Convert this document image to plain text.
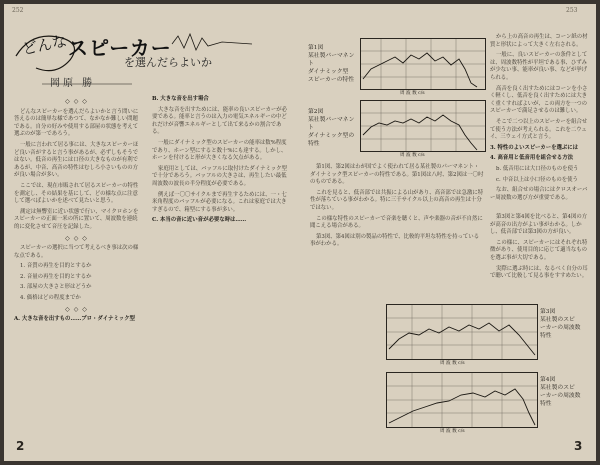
252
どんな スピーカー
を選んだらよいか
岡原 勝
◇◇◇

どんなスピーカーを選んだらよいかと言う問いに答えるのは簡単な様であつて、なかなか難しい問題である。自分の好みや使用する部屋の状態を考えて選ぶのが第一であろう。

一般に言われて居る事には、大きなスピーカーほど良い音がすると言う事があるが、必ずしもそうではない。低音の再生には口径の大きなものが有利であるが、中音、高音の特性はむしろ小さいものの方が良い場合が多い。

ここでは、現在市販されて居るスピーカーの特性を測定し、その結果を基にして、どの様な点に注意して選べばよいかを述べて見たいと思う。

測定は無響室に近い状態で行い、マイクロホンをスピーカーの正面一米の所に置いて、周波数を連続的に変化させて音圧を記録した。

◇◇◇

スピーカーの選択に当つて考えるべき事は次の様な点である。

1. 音質の再生を目的とするか

2. 音量の再生を目的とするか

3. 部屋の大きさと形はどうか

4. 価格はどの程度までか

◇◇◇

A. 大きな音を出すもの……プロ・ダイナミック型

B. 大きな音を出す場合

大きな音を出すためには、能率の良いスピーカーが必要である。能率と言うのは入力の電気エネルギーの中どれだけが音響エネルギーとして出て来るかの割合である。

一般にダイナミック型のスピーカーの能率は数%程度であり、ホーン型にすると数十%にも達する。しかし、ホーンを付けると形が大きくなる欠点がある。

家庭用としては、バッフルに取付けたダイナミック型で十分であろう。バッフルの大きさは、再生したい最低周波数の波長の半分程度が必要である。

例えば一〇〇サイクルまで再生するためには、一・七米角程度のバッフルが必要になる。これは家庭では大きすぎるので、箱型にする事が多い。

C. 本当の音に近い音が必要な時は……

2
253
第1図
某社製パーマネント
ダイナミック型
スピーカーの特性
周 波 数 c/s
第2図
某社製パーマネント
ダイナミック型の
特性
周 波 数 c/s

から上の高音の再生は、コーン紙の材質と形状によって大きく左右される。

一般に、良いスピーカーの条件としては、周波数特性が平坦である事、ひずみが少ない事、能率が良い事、などが挙げられる。

高音を良く出すためにはコーンを小さく軽くし、低音を良く出すためには大きく重くすればよいが、この両方を一つのスピーカーで満足させるのは難しい。

そこで二つ以上のスピーカーを組合せて使う方法が考えられる。これを二ウェイ、三ウェイ方式と言う。

3. 特性のよいスピーカーを選ぶには

4. 高音用と低音用を組合せる方法

b. 低音用には大口径のものを使う

c. 中音以上は小口径のものを使う

なお、組合せの場合にはクロスオーバー周波数の選び方が重要である。

第1図、第2図はわが国でよく使われて居る某社製のパーマネント・ダイナミック型スピーカーの特性である。第1図は八吋、第2図は一〇吋のものである。

これを見ると、低音部では共振による山があり、高音部では急激に特性が落ちている事がわかる。特に三千サイクル以上の高音の再生は十分ではない。

この様な特性のスピーカーで音楽を聴くと、声や楽器の音が不自然に聞こえる場合がある。

第3図、第4図は別の製品の特性で、比較的平坦な特性を持っている事がわかる。

周 波 数 c/s
第3図
某社製のスピ
ーカーの周波数
特性
周 波 数 c/s
第4図
某社製のスピ
ーカーの周波数
特性

第3図と第4図を比べると、第4図の方が高音の出方がよい事がわかる。しかし、低音部では第3図の方が良い。

この様に、スピーカーにはそれぞれ特徴があり、使用目的に応じて適当なものを選ぶ事が大切である。

実際に選ぶ時には、なるべく自分の耳で聴いて比較して見る事をすすめたい。

3
